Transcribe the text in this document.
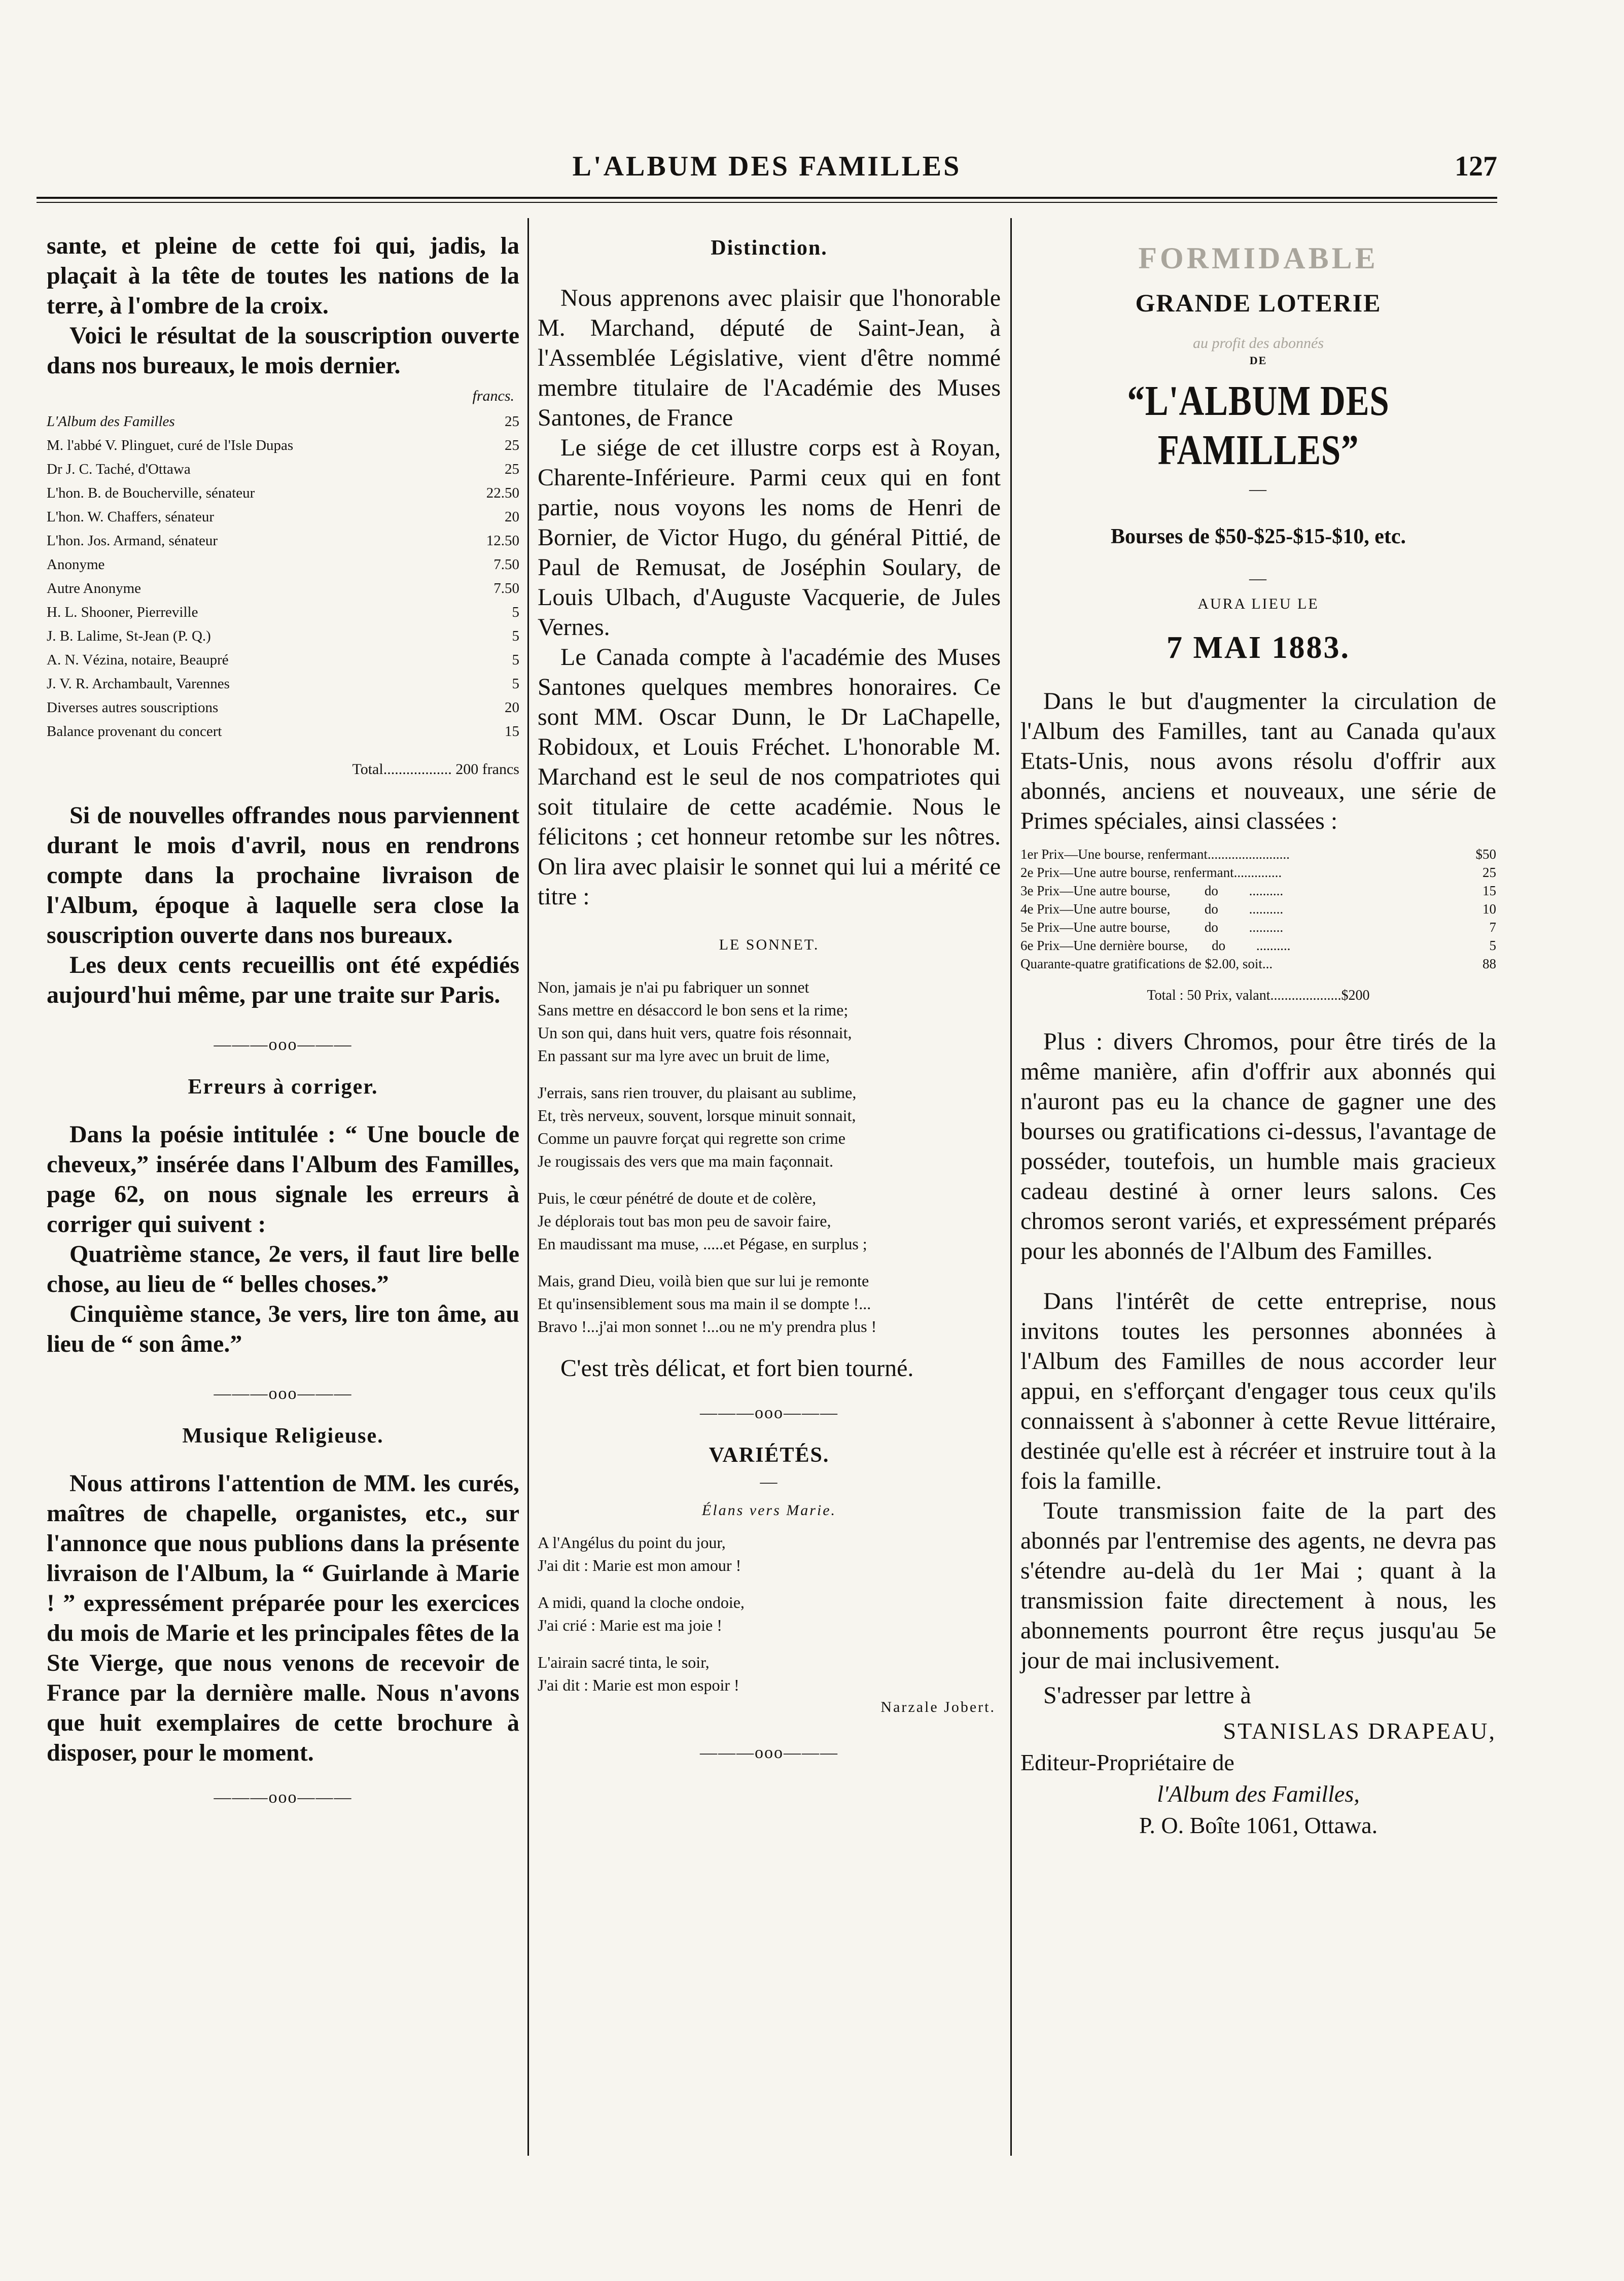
L'ALBUM DES FAMILLES	127

sante, et pleine de cette foi qui, jadis, la plaçait à la tête de toutes les nations de la terre, à l'ombre de la croix.

Voici le résultat de la souscription ouverte dans nos bureaux, le mois dernier.

francs.

L'Album des Familles	25
M. l'abbé V. Plinguet, curé de l'Isle Dupas	25
Dr J. C. Taché, d'Ottawa	25
L'hon. B. de Boucherville, sénateur	22.50
L'hon. W. Chaffers, sénateur	20
L'hon. Jos. Armand, sénateur	12.50
Anonyme	7.50
Autre Anonyme	7.50
H. L. Shooner, Pierreville	5
J. B. Lalime, St-Jean (P. Q.)	5
A. N. Vézina, notaire, Beaupré	5
J. V. R. Archambault, Varennes	5
Diverses autres souscriptions	20
Balance provenant du concert	15

Total.................. 200 francs

Si de nouvelles offrandes nous parviennent durant le mois d'avril, nous en rendrons compte dans la prochaine livraison de l'Album, époque à laquelle sera close la souscription ouverte dans nos bureaux.

Les deux cents recueillis ont été expédiés aujourd'hui même, par une traite sur Paris.

———ooo———

Erreurs à corriger.

Dans la poésie intitulée : “ Une boucle de cheveux,” insérée dans l'Album des Familles, page 62, on nous signale les erreurs à corriger qui suivent :

Quatrième stance, 2e vers, il faut lire belle chose, au lieu de “ belles choses.”

Cinquième stance, 3e vers, lire ton âme, au lieu de “ son âme.”

———ooo———

Musique Religieuse.

Nous attirons l'attention de MM. les curés, maîtres de chapelle, organistes, etc., sur l'annonce que nous publions dans la présente livraison de l'Album, la “ Guirlande à Marie ! ” expressément préparée pour les exercices du mois de Marie et les principales fêtes de la Ste Vierge, que nous venons de recevoir de France par la dernière malle. Nous n'avons que huit exemplaires de cette brochure à disposer, pour le moment.

———ooo———

Distinction.

Nous apprenons avec plaisir que l'honorable M. Marchand, député de Saint-Jean, à l'Assemblée Législative, vient d'être nommé membre titulaire de l'Académie des Muses Santones, de France

Le siége de cet illustre corps est à Royan, Charente-Inférieure. Parmi ceux qui en font partie, nous voyons les noms de Henri de Bornier, de Victor Hugo, du général Pittié, de Paul de Remusat, de Joséphin Soulary, de Louis Ulbach, d'Auguste Vacquerie, de Jules Vernes.

Le Canada compte à l'académie des Muses Santones quelques membres honoraires. Ce sont MM. Oscar Dunn, le Dr LaChapelle, Robidoux, et Louis Fréchet. L'honorable M. Marchand est le seul de nos compatriotes qui soit titulaire de cette académie. Nous le félicitons ; cet honneur retombe sur les nôtres. On lira avec plaisir le sonnet qui lui a mérité ce titre :

LE SONNET.

Non, jamais je n'ai pu fabriquer un sonnet
Sans mettre en désaccord le bon sens et la rime;
Un son qui, dans huit vers, quatre fois résonnait,
En passant sur ma lyre avec un bruit de lime,
J'errais, sans rien trouver, du plaisant au sublime,
Et, très nerveux, souvent, lorsque minuit sonnait,
Comme un pauvre forçat qui regrette son crime
Je rougissais des vers que ma main façonnait.
Puis, le cœur pénétré de doute et de colère,
Je déplorais tout bas mon peu de savoir faire,
En maudissant ma muse, .....et Pégase, en surplus ;
Mais, grand Dieu, voilà bien que sur lui je remonte
Et qu'insensiblement sous ma main il se dompte !...
Bravo !...j'ai mon sonnet !...ou ne m'y prendra plus !

C'est très délicat, et fort bien tourné.

———ooo———

VARIÉTÉS.

—

Élans vers Marie.

A l'Angélus du point du jour,
J'ai dit : Marie est mon amour !
A midi, quand la cloche ondoie,
J'ai crié : Marie est ma joie !
L'airain sacré tinta, le soir,
J'ai dit : Marie est mon espoir !

Narzale Jobert.

———ooo———

FORMIDABLE

GRANDE LOTERIE

au profit des abonnés

DE

“L'ALBUM DES FAMILLES”

—

Bourses de $50-$25-$15-$10, etc.

—

AURA LIEU LE

7 MAI 1883.

Dans le but d'augmenter la circulation de l'Album des Familles, tant au Canada qu'aux Etats-Unis, nous avons résolu d'offrir aux abonnés, anciens et nouveaux, une série de Primes spéciales, ainsi classées :

1er Prix—Une bourse, renfermant........................	$50
2e Prix—Une autre bourse, renfermant..............	25
3e Prix—Une autre bourse,          do         ..........	15
4e Prix—Une autre bourse,          do         ..........	10
5e Prix—Une autre bourse,          do         ..........	7
6e Prix—Une dernière bourse,       do         ..........	5
Quarante-quatre gratifications de $2.00, soit...	88

Total : 50 Prix, valant....................$200

Plus : divers Chromos, pour être tirés de la même manière, afin d'offrir aux abonnés qui n'auront pas eu la chance de gagner une des bourses ou gratifications ci-dessus, l'avantage de posséder, toutefois, un humble mais gracieux cadeau destiné à orner leurs salons. Ces chromos seront variés, et expressément préparés pour les abonnés de l'Album des Familles.

Dans l'intérêt de cette entreprise, nous invitons toutes les personnes abonnées à l'Album des Familles de nous accorder leur appui, en s'efforçant d'engager tous ceux qu'ils connaissent à s'abonner à cette Revue littéraire, destinée qu'elle est à récréer et instruire tout à la fois la famille.

Toute transmission faite de la part des abonnés par l'entremise des agents, ne devra pas s'étendre au-delà du 1er Mai ; quant à la transmission faite directement à nous, les abonnements pourront être reçus jusqu'au 5e jour de mai inclusivement.

S'adresser par lettre à

STANISLAS DRAPEAU,

Editeur-Propriétaire de

l'Album des Familles,

P. O. Boîte 1061, Ottawa.
